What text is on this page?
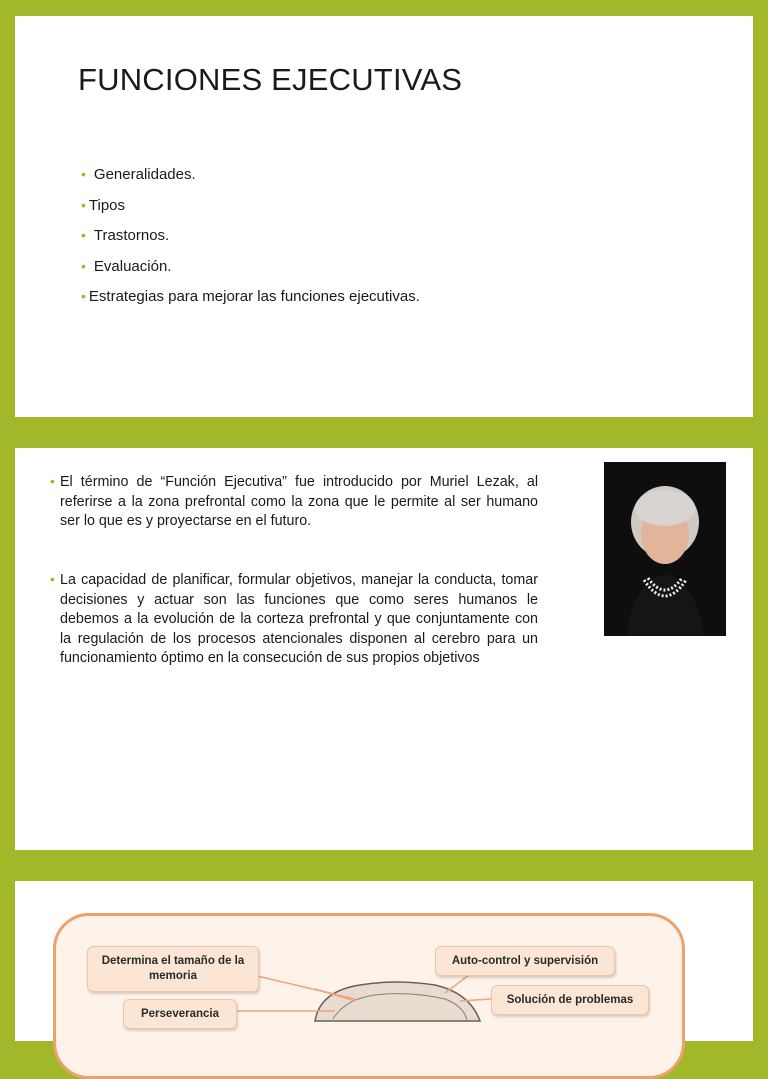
FUNCIONES EJECUTIVAS
• Generalidades.
• Tipos
• Trastornos.
• Evaluación.
• Estrategias para mejorar las funciones ejecutivas.
• El término de “Función Ejecutiva” fue introducido por Muriel Lezak, al referirse a la zona prefrontal como la zona que le permite al ser humano ser lo que es y proyectarse en el futuro.
• La capacidad de planificar, formular objetivos, manejar la conducta, tomar decisiones y actuar son las funciones que como seres humanos le debemos a la evolución de la corteza prefrontal y que conjuntamente con la regulación de los procesos atencionales disponen al cerebro para un funcionamiento óptimo en la consecución de sus propios objetivos
Determina el tamaño de la memoria
Auto-control y supervisión
Perseverancia
Solución de problemas
